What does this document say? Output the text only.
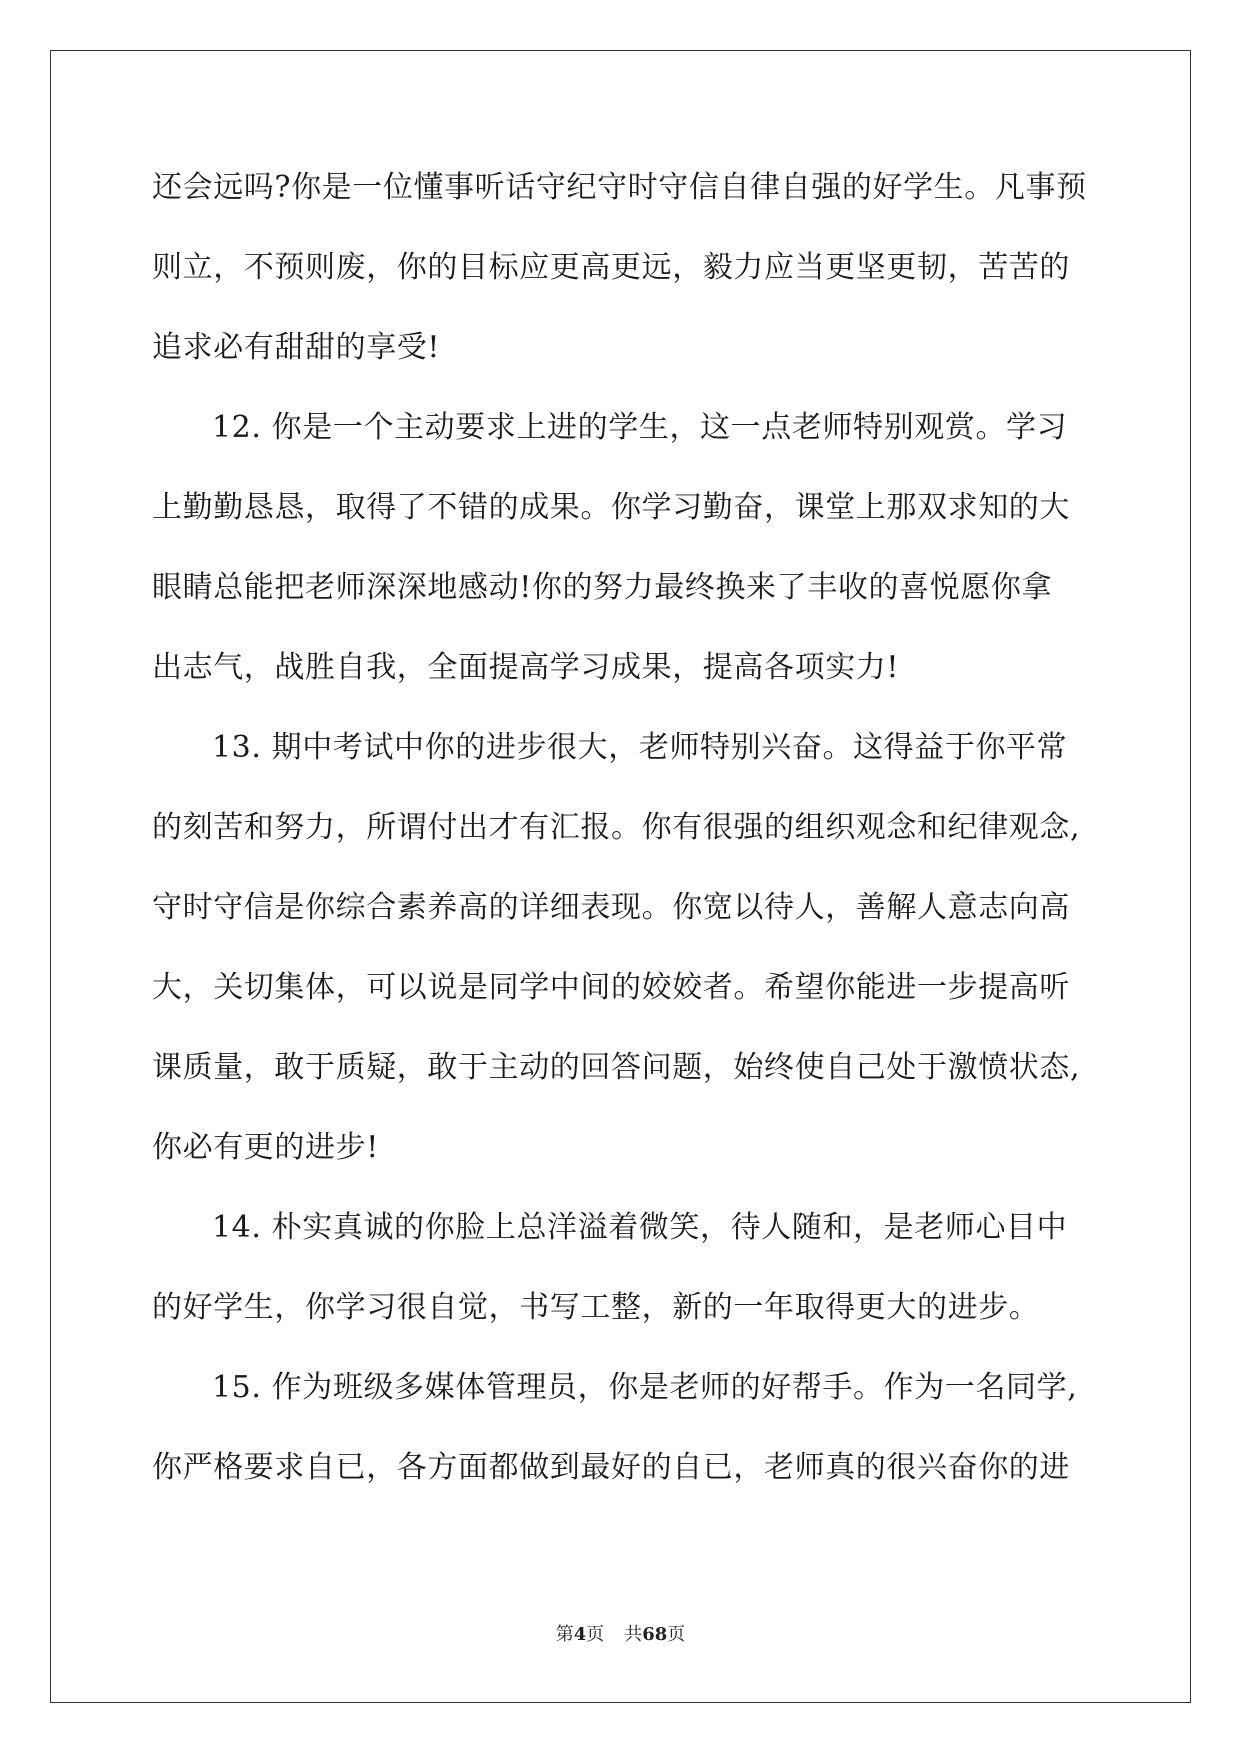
还会远吗?你是一位懂事听话守纪守时守信自律自强的好学生。凡事预
则立，不预则废，你的目标应更高更远，毅力应当更坚更韧，苦苦的
追求必有甜甜的享受!
12. 你是一个主动要求上进的学生，这一点老师特别观赏。学习
上勤勤恳恳，取得了不错的成果。你学习勤奋，课堂上那双求知的大
眼睛总能把老师深深地感动!你的努力最终换来了丰收的喜悦愿你拿
出志气，战胜自我，全面提高学习成果，提高各项实力!
13. 期中考试中你的进步很大，老师特别兴奋。这得益于你平常
的刻苦和努力，所谓付出才有汇报。你有很强的组织观念和纪律观念,
守时守信是你综合素养高的详细表现。你宽以待人，善解人意志向高
大，关切集体，可以说是同学中间的姣姣者。希望你能进一步提高听
课质量，敢于质疑，敢于主动的回答问题，始终使自己处于激愤状态,
你必有更的进步!
14. 朴实真诚的你脸上总洋溢着微笑，待人随和，是老师心目中
的好学生，你学习很自觉，书写工整，新的一年取得更大的进步。
15. 作为班级多媒体管理员，你是老师的好帮手。作为一名同学,
你严格要求自已，各方面都做到最好的自已，老师真的很兴奋你的进
第4页 共68页
